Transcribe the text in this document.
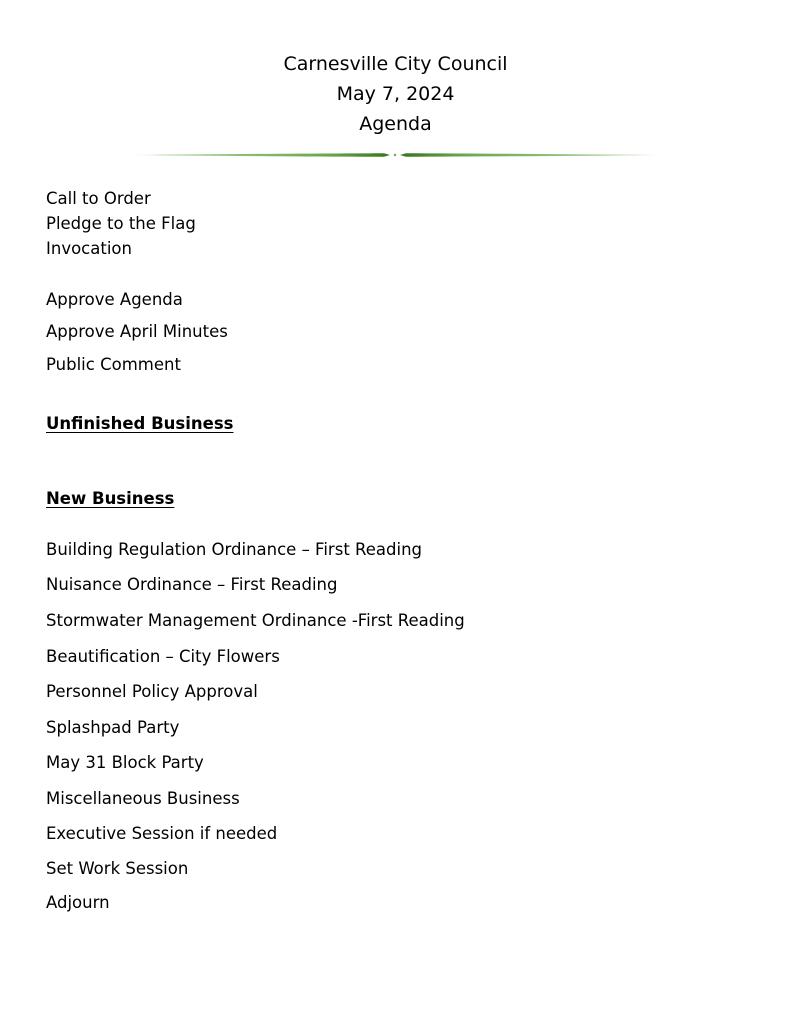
Carnesville City Council
May 7, 2024
Agenda
Call to Order
Pledge to the Flag
Invocation
Approve Agenda
Approve April Minutes
Public Comment
Unfinished Business
New Business
Building Regulation Ordinance – First Reading
Nuisance Ordinance – First Reading
Stormwater Management Ordinance -First Reading
Beautification – City Flowers
Personnel Policy Approval
Splashpad Party
May 31 Block Party
Miscellaneous Business
Executive Session if needed
Set Work Session
Adjourn
